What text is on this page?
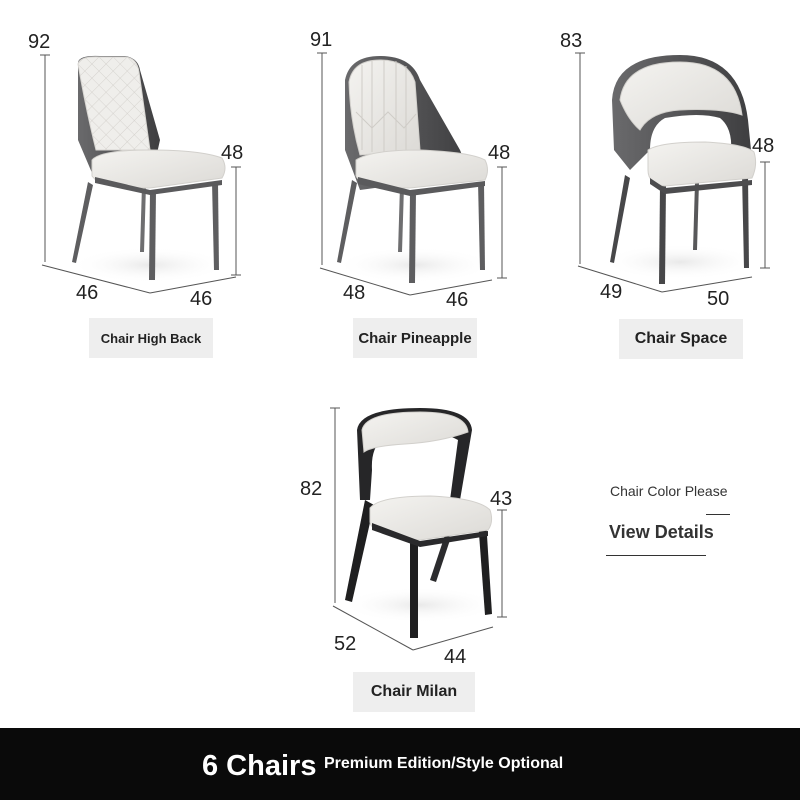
92
48
46	46
91
48
48	46
83
48
49	50
82	43
52
44
Chair High Back	Chair Pineapple	Chair Space
Chair Milan
Chair Color Please
View Details
6 Chairs Premium Edition/Style Optional
